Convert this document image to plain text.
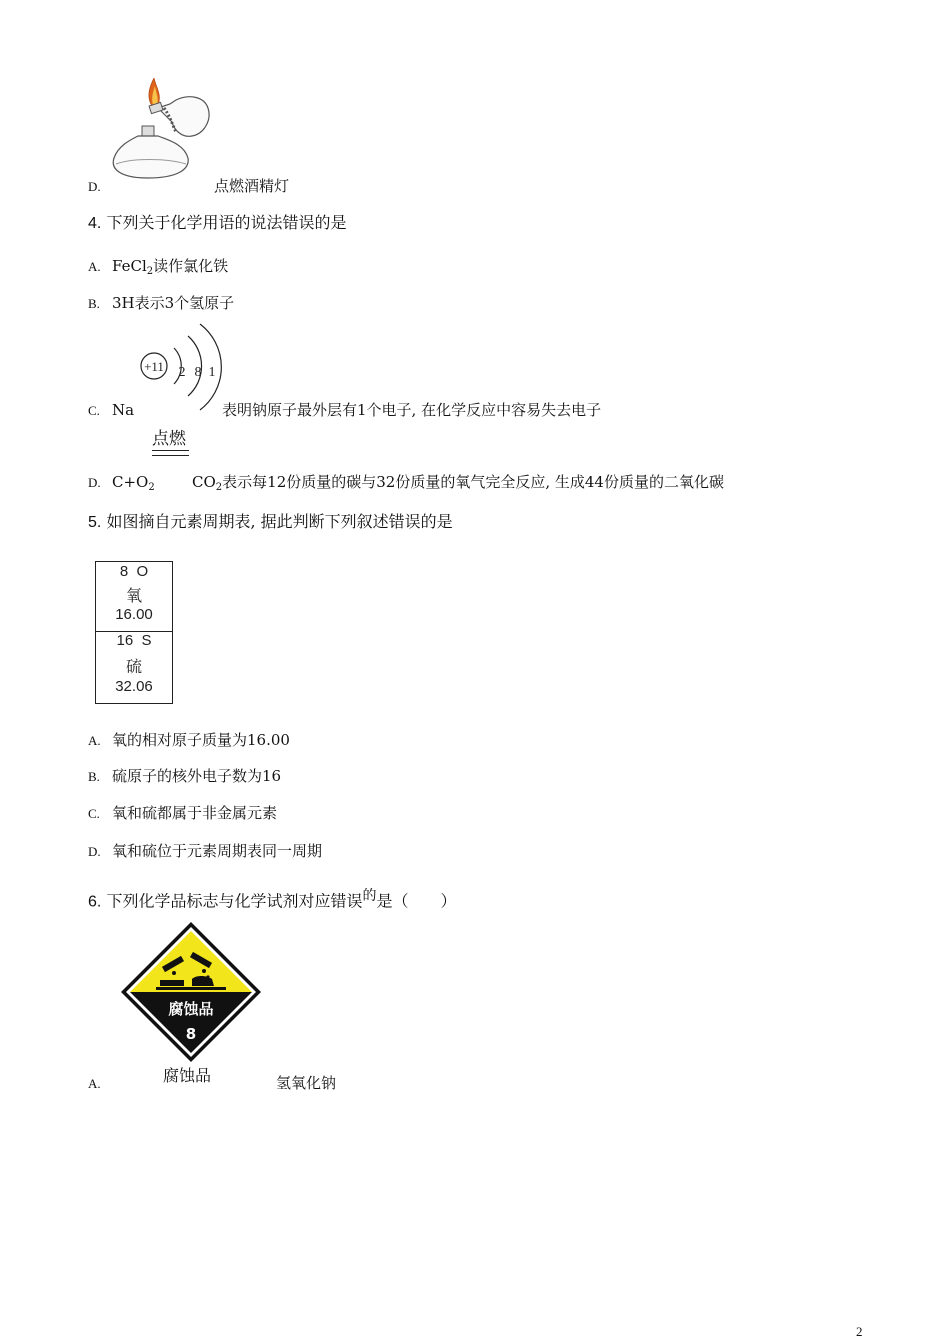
D.	点燃酒精灯
4. 下列关于化学用语的说法错误的是
A. FeCl$_2$读作氯化铁
B. 3H表示3个氢原子
+11 2 8 1
C. Na	表明钠原子最外层有1个电子, 在化学反应中容易失去电子
点燃
D. $C+O_2$ $CO_2$表示每12份质量的碳与32份质量的氧气完全反应, 生成44份质量的二氧化碳
5. 如图摘自元素周期表, 据此判断下列叙述错误的是
8  O
氧
16.00
16  S
硫
32.06
A. 氧的相对原子质量为16.00
B. 硫原子的核外电子数为16
C. 氧和硫都属于非金属元素
D. 氧和硫位于元素周期表同一周期
6. 下列化学品标志与化学试剂对应错误$^的$是（　　）
腐蚀品
8
腐蚀品
A.	氢氧化钠
2
